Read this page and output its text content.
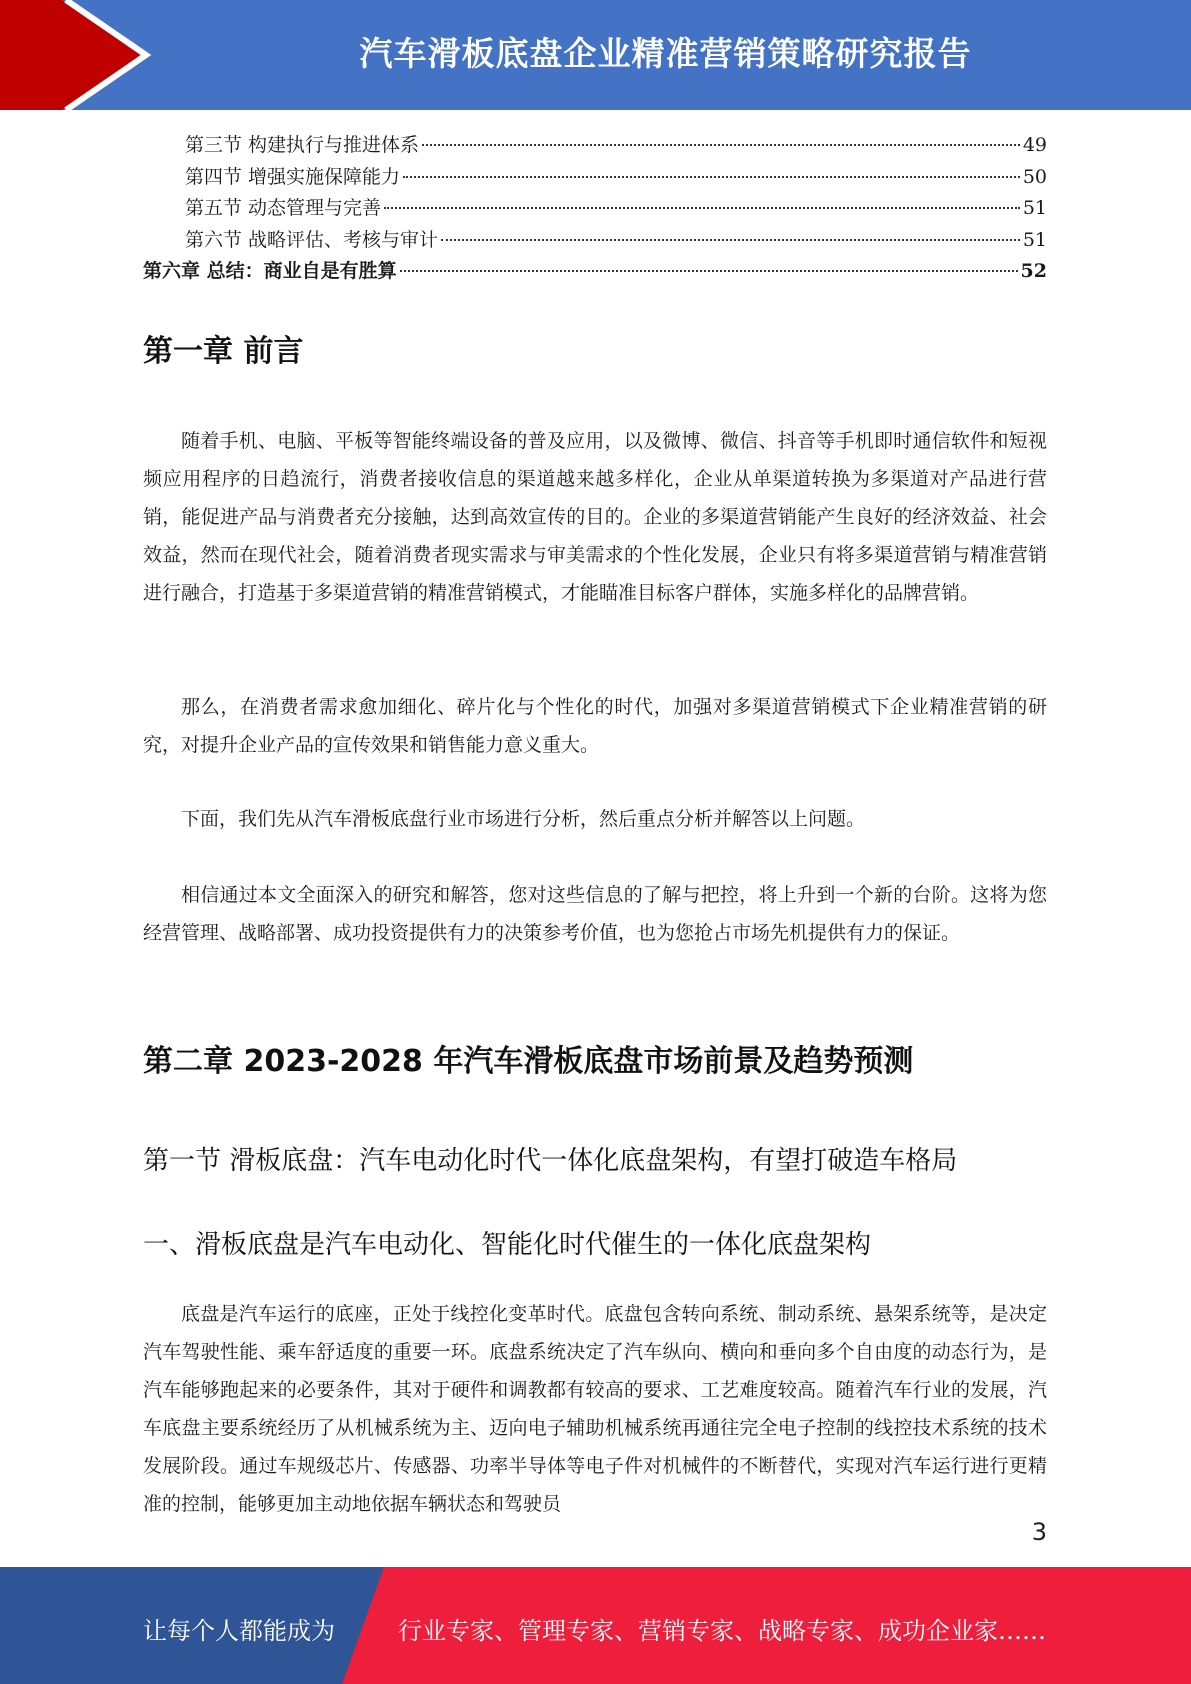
汽车滑板底盘企业精准营销策略研究报告
第三节 构建执行与推进体系	49
第四节 增强实施保障能力	50
第五节 动态管理与完善	51
第六节 战略评估、考核与审计	51
第六章 总结：商业自是有胜算	52
第一章 前言

随着手机、电脑、平板等智能终端设备的普及应用，以及微博、微信、抖音等手机即时通信软件和短视频应用程序的日趋流行，消费者接收信息的渠道越来越多样化，企业从单渠道转换为多渠道对产品进行营销，能促进产品与消费者充分接触，达到高效宣传的目的。企业的多渠道营销能产生良好的经济效益、社会效益，然而在现代社会，随着消费者现实需求与审美需求的个性化发展，企业只有将多渠道营销与精准营销进行融合，打造基于多渠道营销的精准营销模式，才能瞄准目标客户群体，实施多样化的品牌营销。

那么，在消费者需求愈加细化、碎片化与个性化的时代，加强对多渠道营销模式下企业精准营销的研究，对提升企业产品的宣传效果和销售能力意义重大。

下面，我们先从汽车滑板底盘行业市场进行分析，然后重点分析并解答以上问题。

相信通过本文全面深入的研究和解答，您对这些信息的了解与把控，将上升到一个新的台阶。这将为您经营管理、战略部署、成功投资提供有力的决策参考价值，也为您抢占市场先机提供有力的保证。

第二章 2023-2028 年汽车滑板底盘市场前景及趋势预测
第一节 滑板底盘：汽车电动化时代一体化底盘架构，有望打破造车格局
一、滑板底盘是汽车电动化、智能化时代催生的一体化底盘架构

底盘是汽车运行的底座，正处于线控化变革时代。底盘包含转向系统、制动系统、悬架系统等，是决定汽车驾驶性能、乘车舒适度的重要一环。底盘系统决定了汽车纵向、横向和垂向多个自由度的动态行为，是汽车能够跑起来的必要条件，其对于硬件和调教都有较高的要求、工艺难度较高。随着汽车行业的发展，汽车底盘主要系统经历了从机械系统为主、迈向电子辅助机械系统再通往完全电子控制的线控技术系统的技术发展阶段。通过车规级芯片、传感器、功率半导体等电子件对机械件的不断替代，实现对汽车运行进行更精准的控制，能够更加主动地依据车辆状态和驾驶员

3
让每个人都能成为	行业专家、管理专家、营销专家、战略专家、成功企业家……
